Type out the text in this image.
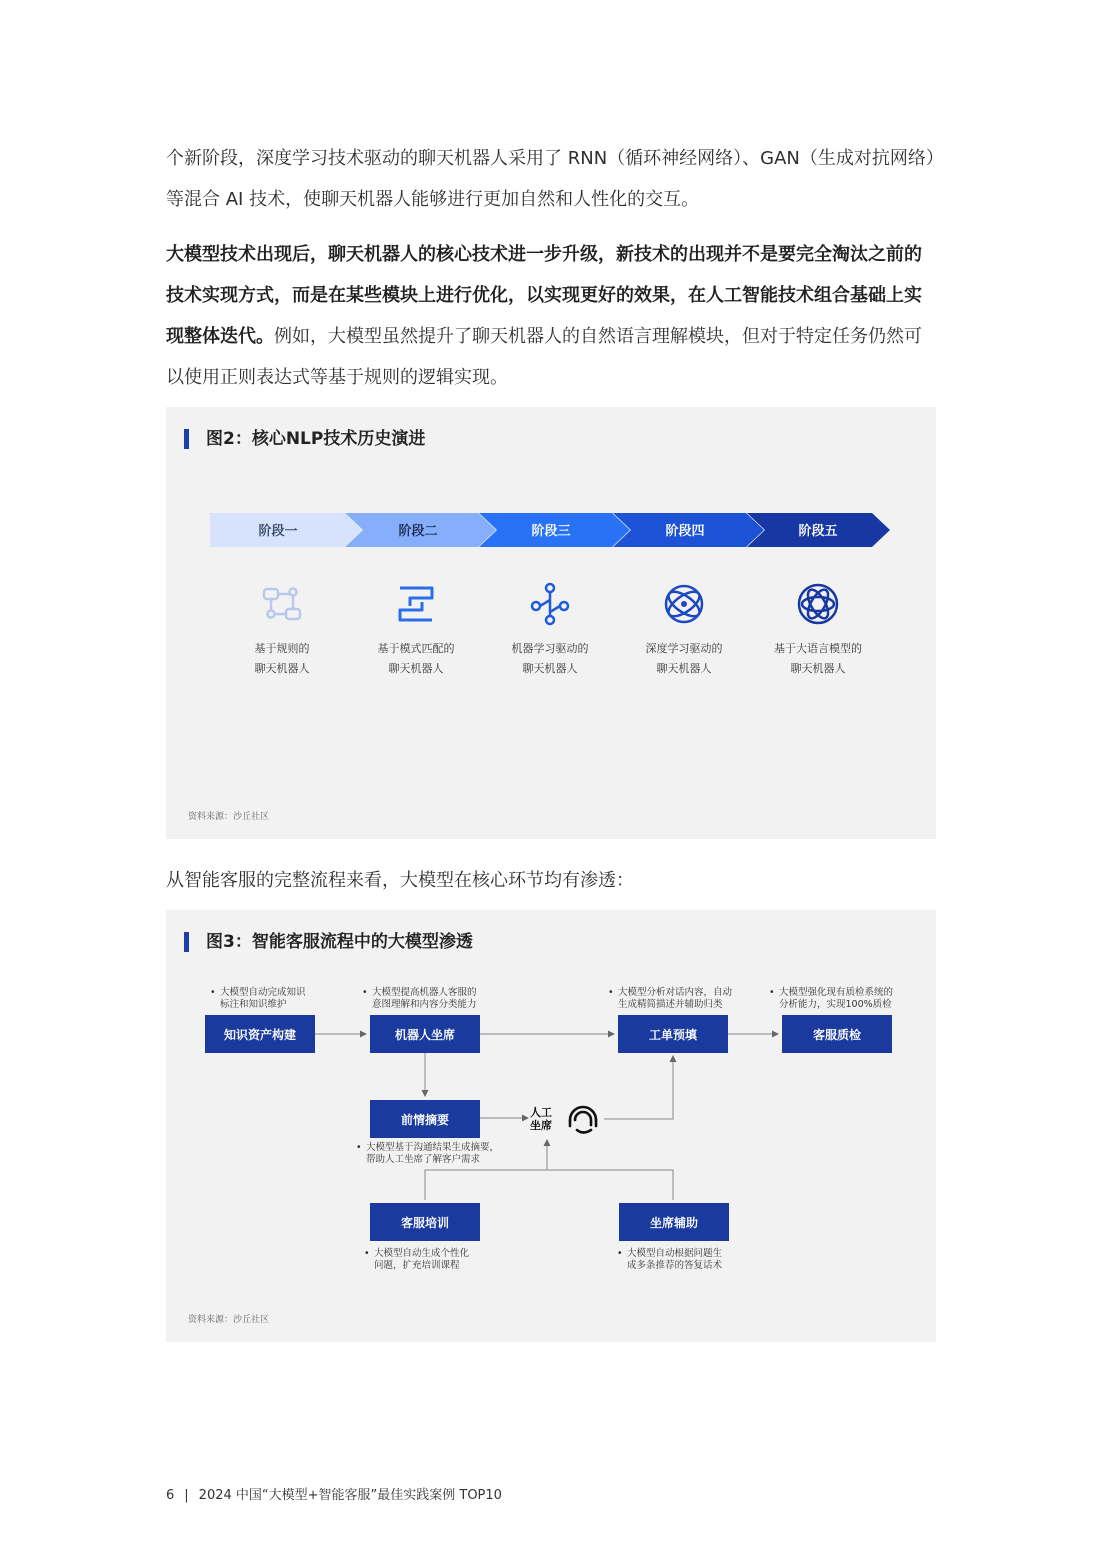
个新阶段，深度学习技术驱动的聊天机器人采用了 RNN（循环神经网络）、GAN（生成对抗网络）等混合 AI 技术，使聊天机器人能够进行更加自然和人性化的交互。

大模型技术出现后，聊天机器人的核心技术进一步升级，新技术的出现并不是要完全淘汰之前的技术实现方式，而是在某些模块上进行优化，以实现更好的效果，在人工智能技术组合基础上实现整体迭代。例如，大模型虽然提升了聊天机器人的自然语言理解模块，但对于特定任务仍然可以使用正则表达式等基于规则的逻辑实现。

图2：核心NLP技术历史演进
阶段一	阶段二	阶段三	阶段四	阶段五
基于规则的
聊天机器人
基于模式匹配的
聊天机器人
机器学习驱动的
聊天机器人
深度学习驱动的
聊天机器人
基于大语言模型的
聊天机器人
资料来源：沙丘社区

从智能客服的完整流程来看，大模型在核心环节均有渗透：

图3：智能客服流程中的大模型渗透
知识资产构建	机器人坐席	工单预填	客服质检
前情摘要
客服培训	坐席辅助
人工
坐席
• 大模型自动完成知识
标注和知识维护
• 大模型提高机器人客服的
意图理解和内容分类能力
• 大模型分析对话内容，自动
生成精简描述并辅助归类
• 大模型强化现有质检系统的
分析能力，实现100%质检
• 大模型基于沟通结果生成摘要，
帮助人工坐席了解客户需求
• 大模型自动生成个性化
问题，扩充培训课程
• 大模型自动根据问题生
成多条推荐的答复话术
资料来源：沙丘社区
6 | 2024 中国“大模型+智能客服”最佳实践案例 TOP10
